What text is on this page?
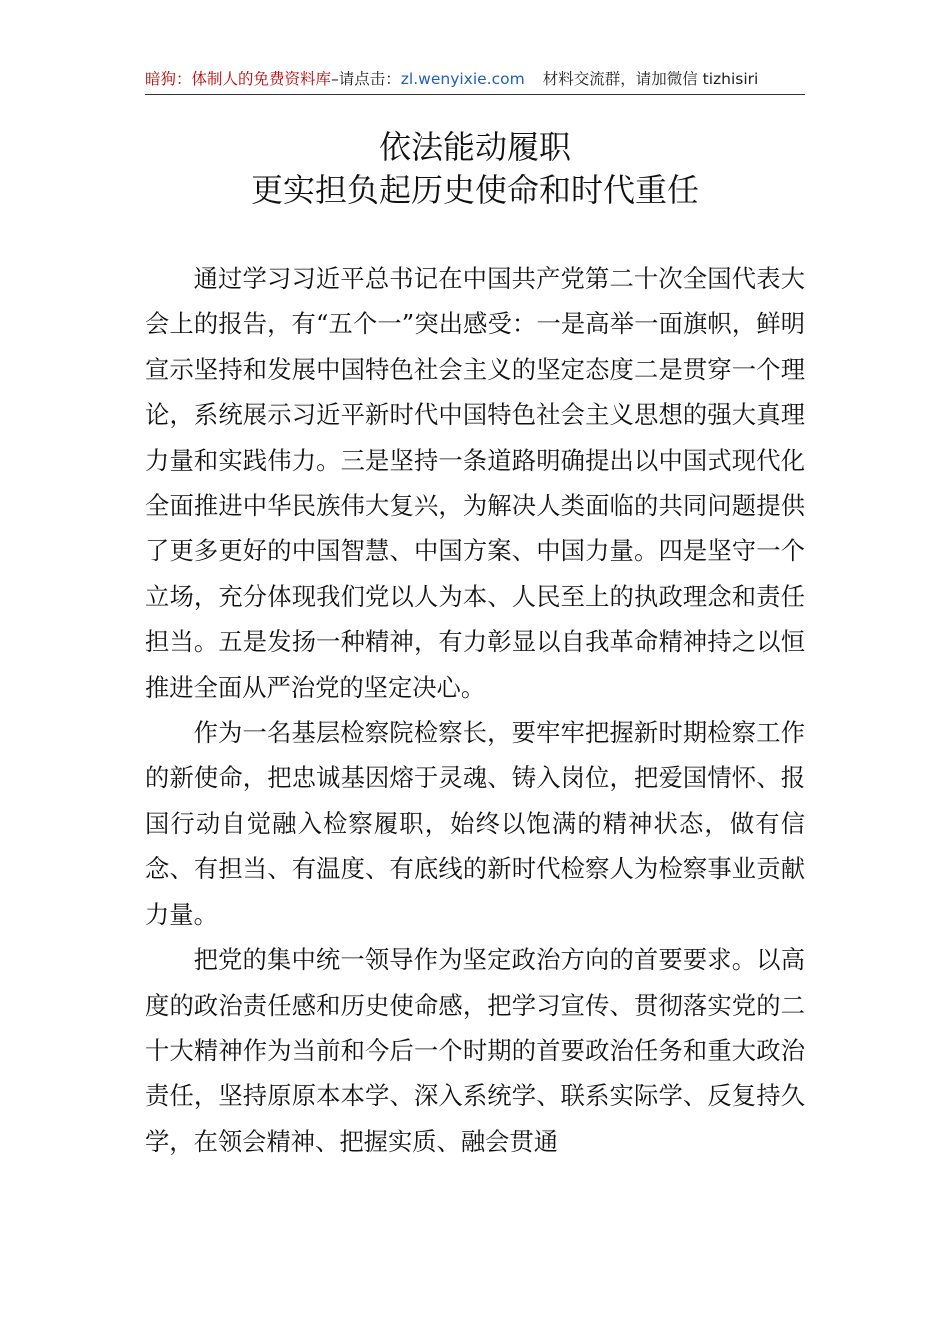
暗狗：体制人的免费资料库–请点击：zl.wenyixie.com 材料交流群，请加微信 tizhisiri
依法能动履职
更实担负起历史使命和时代重任

通过学习习近平总书记在中国共产党第二十次全国代表大会上的报告，有“五个一”突出感受：一是高举一面旗帜，鲜明宣示坚持和发展中国特色社会主义的坚定态度二是贯穿一个理论，系统展示习近平新时代中国特色社会主义思想的强大真理力量和实践伟力。三是坚持一条道路明确提出以中国式现代化全面推进中华民族伟大复兴，为解决人类面临的共同问题提供了更多更好的中国智慧、中国方案、中国力量。四是坚守一个立场，充分体现我们党以人为本、人民至上的执政理念和责任担当。五是发扬一种精神，有力彰显以自我革命精神持之以恒推进全面从严治党的坚定决心。

作为一名基层检察院检察长，要牢牢把握新时期检察工作的新使命，把忠诚基因熔于灵魂、铸入岗位，把爱国情怀、报国行动自觉融入检察履职，始终以饱满的精神状态，做有信念、有担当、有温度、有底线的新时代检察人为检察事业贡献力量。

把党的集中统一领导作为坚定政治方向的首要要求。以高度的政治责任感和历史使命感，把学习宣传、贯彻落实党的二十大精神作为当前和今后一个时期的首要政治任务和重大政治责任，坚持原原本本学、深入系统学、联系实际学、反复持久学，在领会精神、把握实质、融会贯通
